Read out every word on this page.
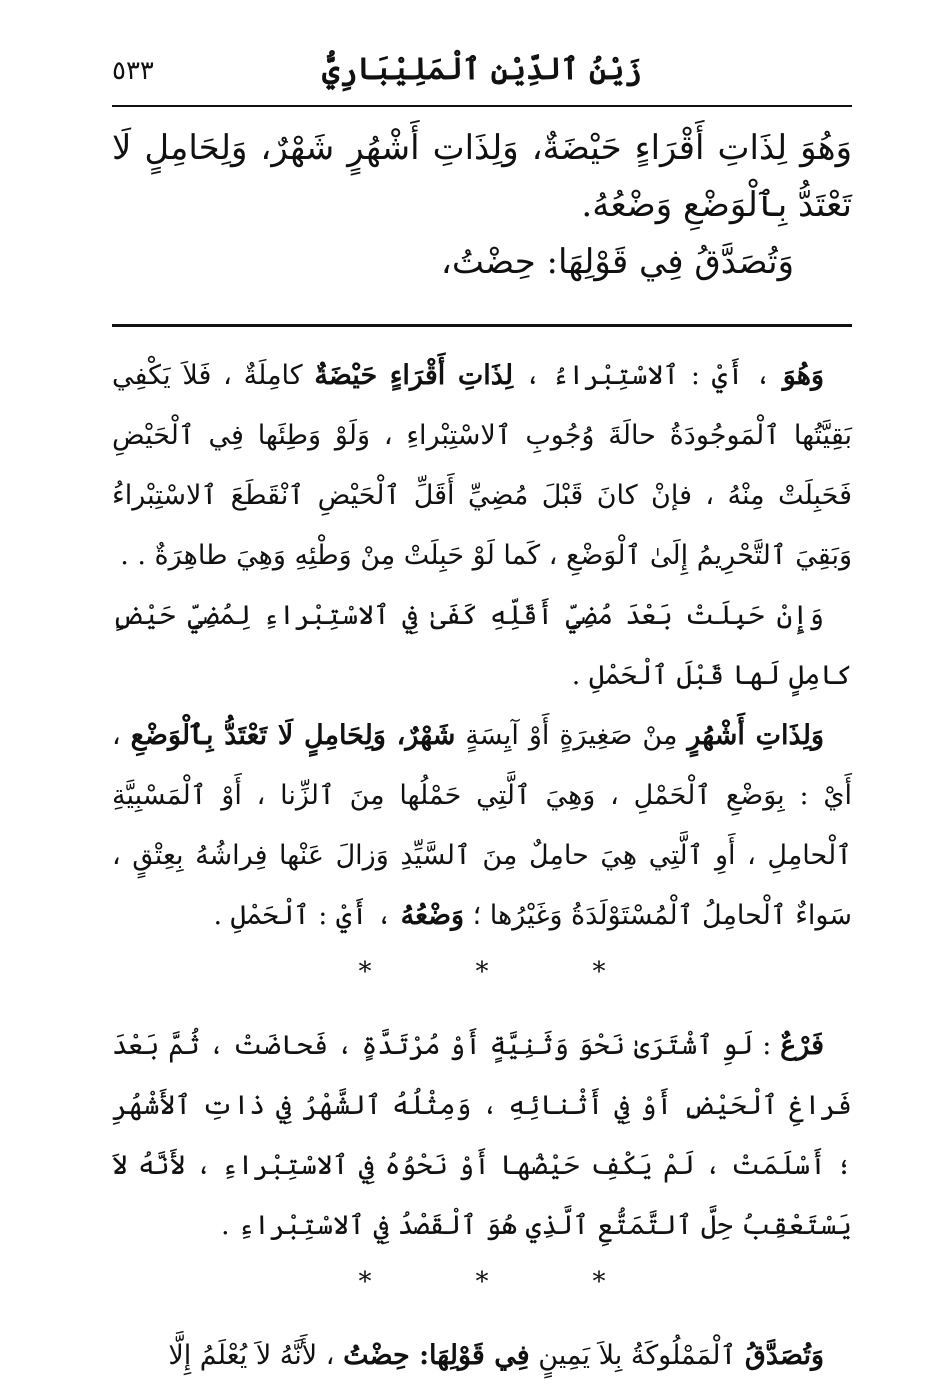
٥٣٣	زَيْنُ ٱلدِّيْنِ ٱلْمَلِيْبَارِيُّ

وَهُوَ لِذَاتِ أَقْرَاءٍ حَيْضَةٌ، وَلِذَاتِ أَشْهُرٍ شَهْرٌ، وَلِحَامِلٍ لَا تَعْتَدُّ بِٱلْوَضْعِ وَضْعُهُ.

وَتُصَدَّقُ فِي قَوْلِهَا: حِضْتُ،

وَهُوَ ، أَيْ : ٱلاسْتِبْراءُ ، لِذَاتِ أَقْرَاءٍ حَيْضَةٌ كامِلَةٌ ، فَلاَ يَكْفِي بَقِيَّتُها ٱلْمَوجُودَةُ حالَةَ وُجُوبِ ٱلاسْتِبْراءِ ، وَلَوْ وَطِئَها فِي ٱلْحَيْضِ فَحَبِلَتْ مِنْهُ ، فإنْ كانَ قَبْلَ مُضِيِّ أَقَلِّ ٱلْحَيْضِ ٱنْقَطَعَ ٱلاسْتِبْراءُ وَبَقِيَ ٱلتَّحْرِيمُ إِلَىٰ ٱلْوَضْعِ ، كَما لَوْ حَبِلَتْ مِنْ وَطْئِهِ وَهِيَ طاهِرَةٌ . .

وَإِنْ حَبِلَتْ بَعْدَ مُضِيِّ أَقَلِّهِ كَفَىٰ فِي ٱلاسْتِبْراءِ لِمُضِيِّ حَيْضٍ كامِلٍ لَها قَبْلَ ٱلْحَمْلِ .

وَلِذَاتِ أَشْهُرٍ مِنْ صَغِيرَةٍ أَوْ آيِسَةٍ شَهْرٌ، وَلِحَامِلٍ لَا تَعْتَدُّ بِٱلْوَضْعِ ، أَيْ : بِوَضْعِ ٱلْحَمْلِ ، وَهِيَ ٱلَّتِي حَمْلُها مِنَ ٱلزِّنا ، أَوْ ٱلْمَسْبِيَّةِ ٱلْحامِلِ ، أَوِ ٱلَّتِي هِيَ حامِلٌ مِنَ ٱلسَّيِّدِ وَزالَ عَنْها فِراشُهُ بِعِتْقٍ ، سَواءٌ ٱلْحامِلُ ٱلْمُسْتَوْلَدَةُ وَغَيْرُها ؛ وَضْعُهُ ، أَيْ : ٱلْحَمْلِ .

*	*	*

فَرْعٌ : لَوِ ٱشْتَرَىٰ نَحْوَ وَثَنِيَّةٍ أَوْ مُرْتَدَّةٍ ، فَحاضَتْ ، ثُمَّ بَعْدَ فَراغِ ٱلْحَيْضِ أَوْ فِي أَثْنائِهِ ، وَمِثْلُهُ ٱلشَّهْرُ فِي ذاتِ ٱلأَشْهُرِ ؛ أَسْلَمَتْ ، لَمْ يَكْفِ حَيْضُها أَوْ نَحْوُهُ فِي ٱلاسْتِبْراءِ ، لأَنَّهُ لاَ يَسْتَعْقِبُ حِلَّ ٱلتَّمَتُّعِ ٱلَّذِي هُوَ ٱلْقَصْدُ فِي ٱلاسْتِبْراءِ .

*	*	*

وَتُصَدَّقُ ٱلْمَمْلُوكَةُ بِلاَ يَمِينٍ فِي قَوْلِهَا: حِضْتُ ، لأَنَّهُ لاَ يُعْلَمُ إِلَّا
